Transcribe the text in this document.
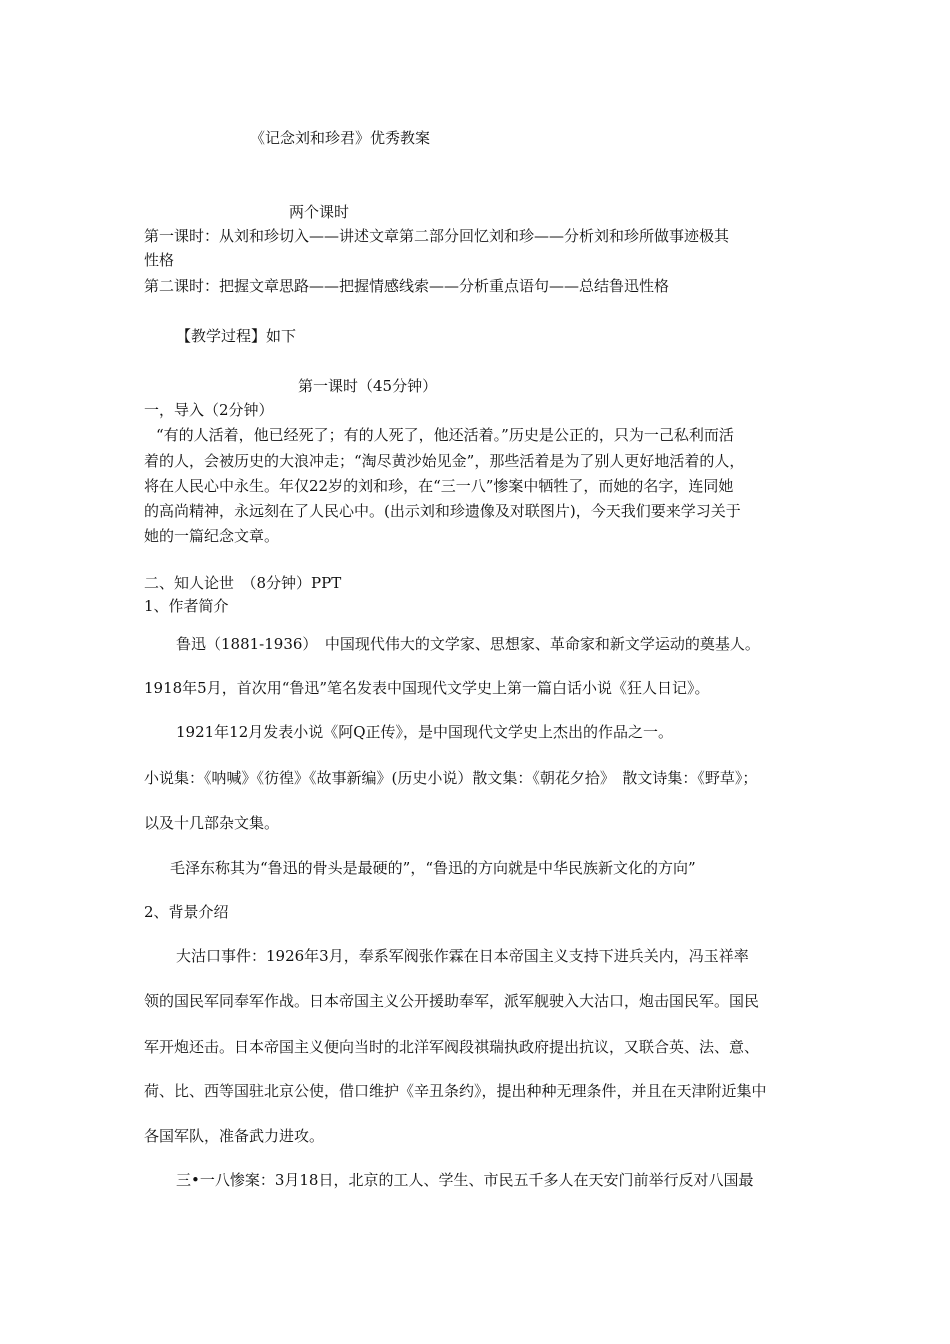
《记念刘和珍君》优秀教案
两个课时
第一课时：从刘和珍切入——讲述文章第二部分回忆刘和珍——分析刘和珍所做事迹极其
性格
第二课时：把握文章思路——把握情感线索——分析重点语句——总结鲁迅性格
【教学过程】如下
第一课时（45分钟）
一，导入（2分钟）
“有的人活着，他已经死了；有的人死了，他还活着。”历史是公正的，只为一己私利而活
着的人，会被历史的大浪冲走；“淘尽黄沙始见金”，那些活着是为了别人更好地活着的人，
将在人民心中永生。年仅22岁的刘和珍，在“三一八”惨案中牺牲了，而她的名字，连同她
的高尚精神，永远刻在了人民心中。(出示刘和珍遗像及对联图片)，今天我们要来学习关于
她的一篇纪念文章。
二、知人论世　（8分钟）PPT
1、作者简介
鲁迅（1881-1936）　中国现代伟大的文学家、思想家、革命家和新文学运动的奠基人。
1918年5月，首次用“鲁迅”笔名发表中国现代文学史上第一篇白话小说《狂人日记》。
1921年12月发表小说《阿Q正传》，是中国现代文学史上杰出的作品之一。
小说集：《呐喊》《彷徨》《故事新编》(历史小说）散文集：《朝花夕拾》　散文诗集：《野草》；
以及十几部杂文集。
毛泽东称其为“鲁迅的骨头是最硬的”，“鲁迅的方向就是中华民族新文化的方向”
2、背景介绍
大沽口事件：1926年3月，奉系军阀张作霖在日本帝国主义支持下进兵关内，冯玉祥率
领的国民军同奉军作战。日本帝国主义公开援助奉军，派军舰驶入大沽口，炮击国民军。国民
军开炮还击。日本帝国主义便向当时的北洋军阀段祺瑞执政府提出抗议，又联合英、法、意、
荷、比、西等国驻北京公使，借口维护《辛丑条约》，提出种种无理条件，并且在天津附近集中
各国军队，准备武力进攻。
三•一八惨案：3月18日，北京的工人、学生、市民五千多人在天安门前举行反对八国最
